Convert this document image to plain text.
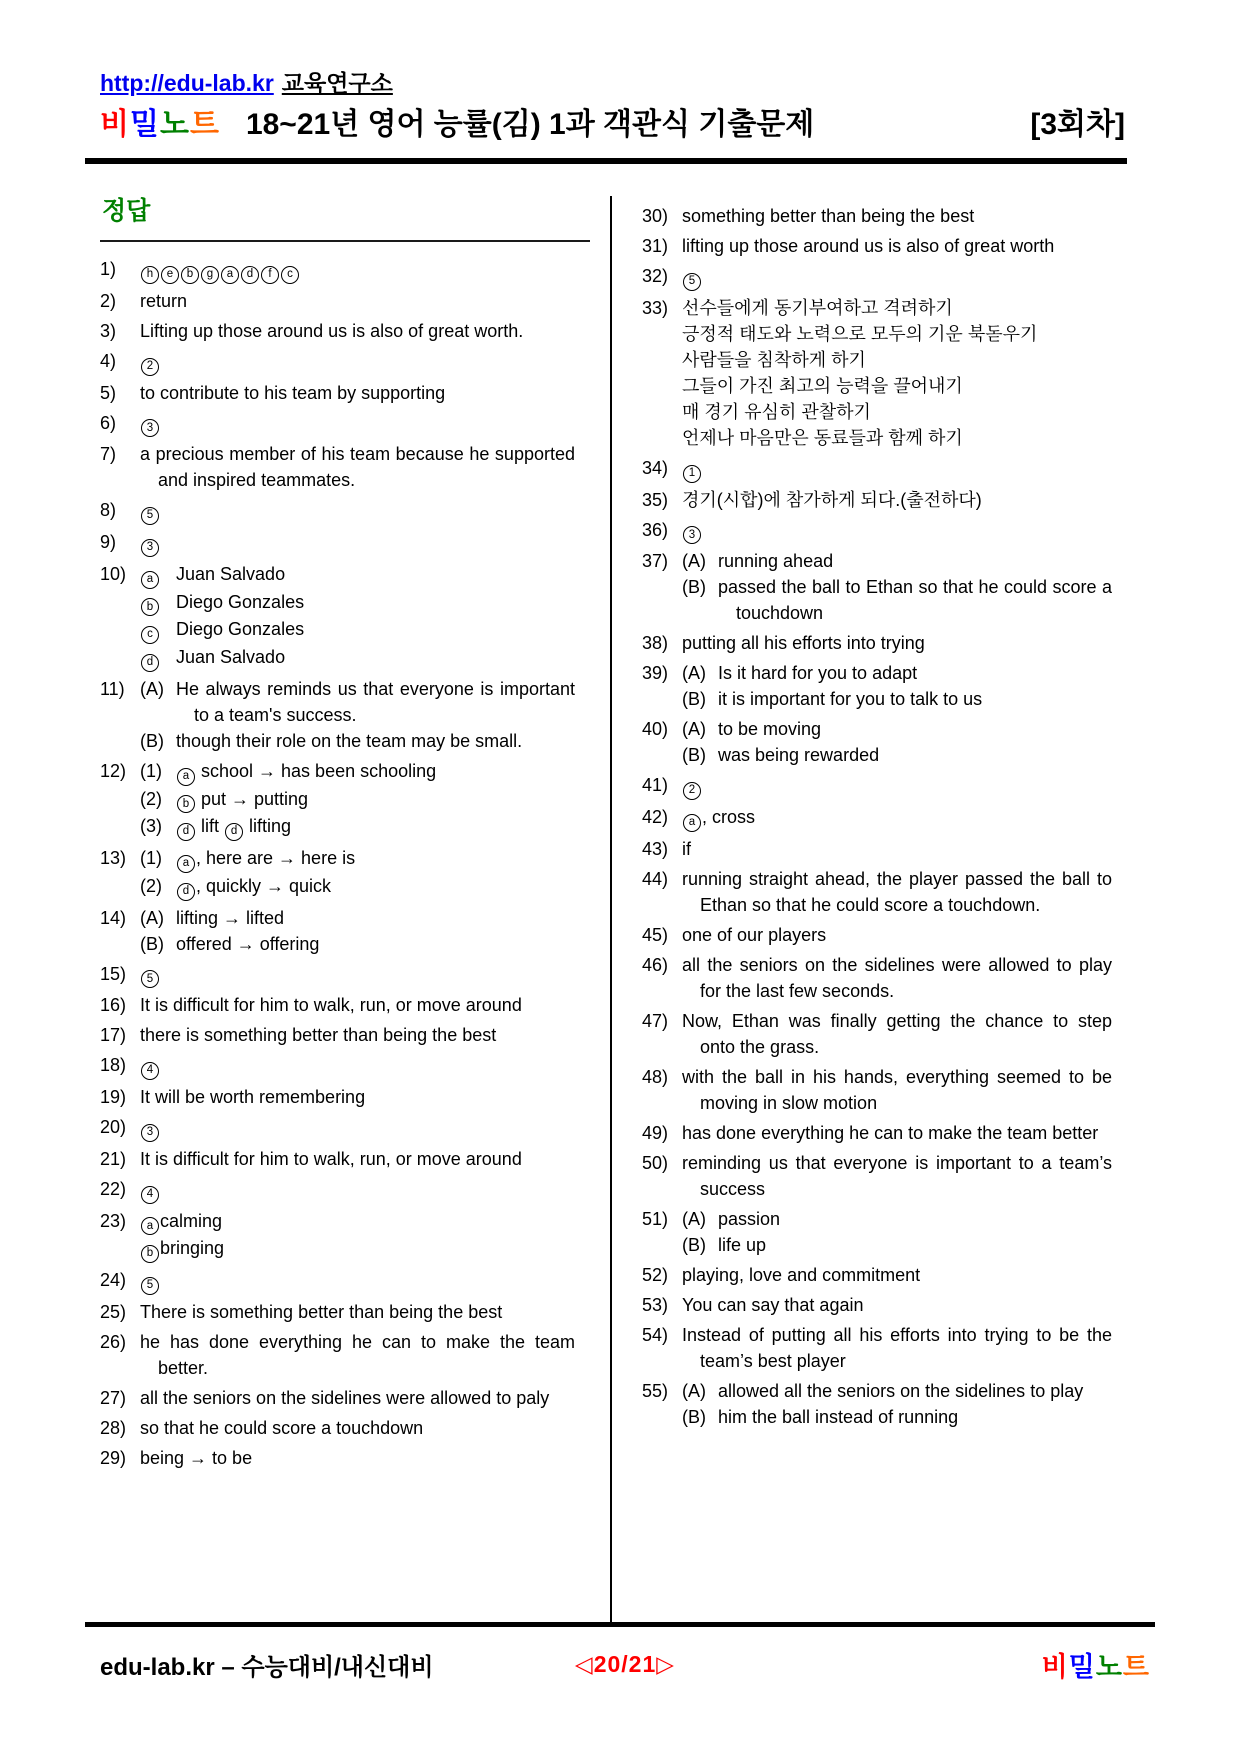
http://edu-lab.kr 교육연구소
비밀노트 18~21년 영어 능률(김) 1과 객관식 기출문제	[3회차]
정답
1)	h e b g a d f c
2)	return
3)	Lifting up those around us is also of great worth.
4)	2
5)	to contribute to his team by supporting
6)	3
7)	a precious member of his team because he supported and inspired teammates.
8)	5
9)	3
10)	a	Juan Salvado
b	Diego Gonzales
c	Diego Gonzales
d	Juan Salvado
11) (A) He always reminds us that everyone is important to a team's success.
(B) though their role on the team may be small.
12) (1)	a school → has been schooling
(2)	b put → putting
(3)	d lift d lifting
13) (1)	a , here are → here is
(2)	d , quickly → quick
14) (A) lifting → lifted
(B) offered → offering
15)	5
16) It is difficult for him to walk, run, or move around
17) there is something better than being the best
18)	4
19) It will be worth remembering
20)	3
21) It is difficult for him to walk, run, or move around
22)	4
23)	a calming
b bringing
24)	5
25) There is something better than being the best
26) he has done everything he can to make the team better.
27) all the seniors on the sidelines were allowed to paly
28) so that he could score a touchdown
29) being → to be
30) something better than being the best
31) lifting up those around us is also of great worth
32)	5
33) 선수들에게 동기부여하고 격려하기
긍정적 태도와 노력으로 모두의 기운 북돋우기
사람들을 침착하게 하기
그들이 가진 최고의 능력을 끌어내기
매 경기 유심히 관찰하기
언제나 마음만은 동료들과 함께 하기
34)	1
35) 경기(시합)에 참가하게 되다.(출전하다)
36)	3
37) (A) running ahead
(B) passed the ball to Ethan so that he could score a touchdown
38) putting all his efforts into trying
39) (A) Is it hard for you to adapt
(B) it is important for you to talk to us
40) (A) to be moving
(B) was being rewarded
41)	2
42)	a , cross
43) if
44) running straight ahead, the player passed the ball to Ethan so that he could score a touchdown.
45) one of our players
46) all the seniors on the sidelines were allowed to play for the last few seconds.
47) Now, Ethan was finally getting the chance to step onto the grass.
48) with the ball in his hands, everything seemed to be moving in slow motion
49) has done everything he can to make the team better
50) reminding us that everyone is important to a team’s success
51) (A) passion
(B) life up
52) playing, love and commitment
53) You can say that again
54) Instead of putting all his efforts into trying to be the team’s best player
55) (A) allowed all the seniors on the sidelines to play
(B) him the ball instead of running
edu-lab.kr – 수능대비/내신대비	◁20/21▷	비밀노트
